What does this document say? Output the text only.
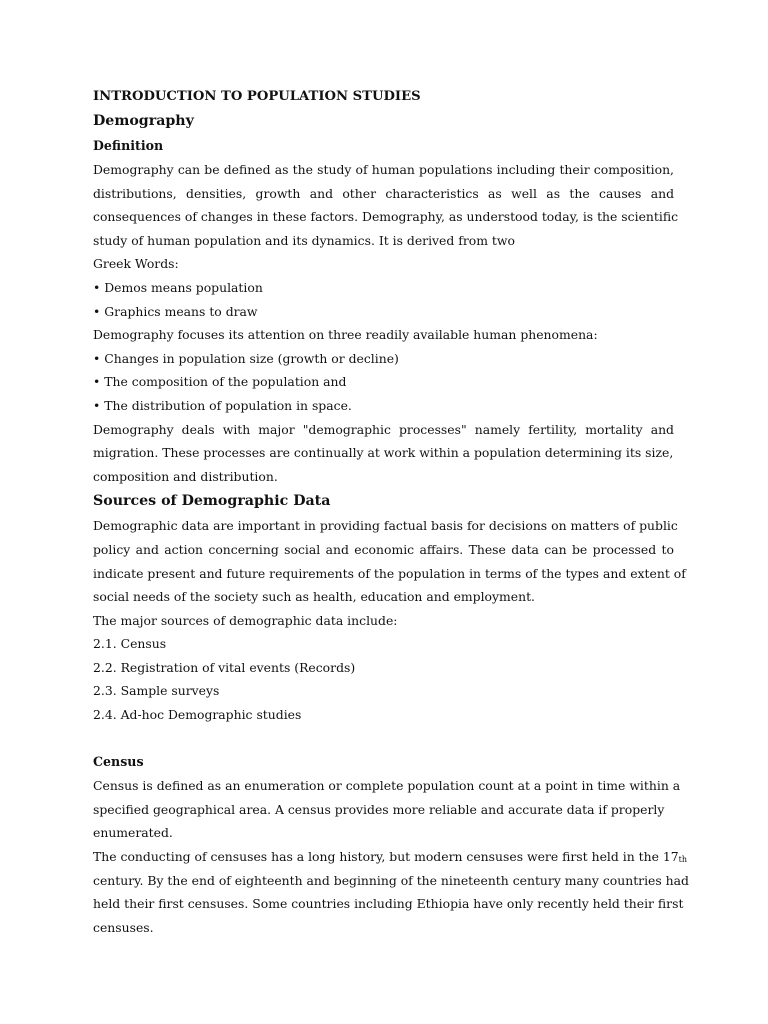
INTRODUCTION TO POPULATION STUDIES
Demography
Definition
Demography can be defined as the study of human populations including their composition,
distributions, densities, growth and other characteristics as well as the causes and
consequences of changes in these factors. Demography, as understood today, is the scientific
study of human population and its dynamics. It is derived from two
Greek Words:
• Demos means population
• Graphics means to draw
Demography focuses its attention on three readily available human phenomena:
• Changes in population size (growth or decline)
• The composition of the population and
• The distribution of population in space.
Demography deals with major "demographic processes" namely fertility, mortality and
migration. These processes are continually at work within a population determining its size,
composition and distribution.
Sources of Demographic Data
Demographic data are important in providing factual basis for decisions on matters of public
policy and action concerning social and economic affairs. These data can be processed to
indicate present and future requirements of the population in terms of the types and extent of
social needs of the society such as health, education and employment.
The major sources of demographic data include:
2.1. Census
2.2. Registration of vital events (Records)
2.3. Sample surveys
2.4. Ad-hoc Demographic studies
Census
Census is defined as an enumeration or complete population count at a point in time within a
specified geographical area. A census provides more reliable and accurate data if properly
enumerated.
The conducting of censuses has a long history, but modern censuses were first held in the 17th
century. By the end of eighteenth and beginning of the nineteenth century many countries had
held their first censuses. Some countries including Ethiopia have only recently held their first
censuses.
